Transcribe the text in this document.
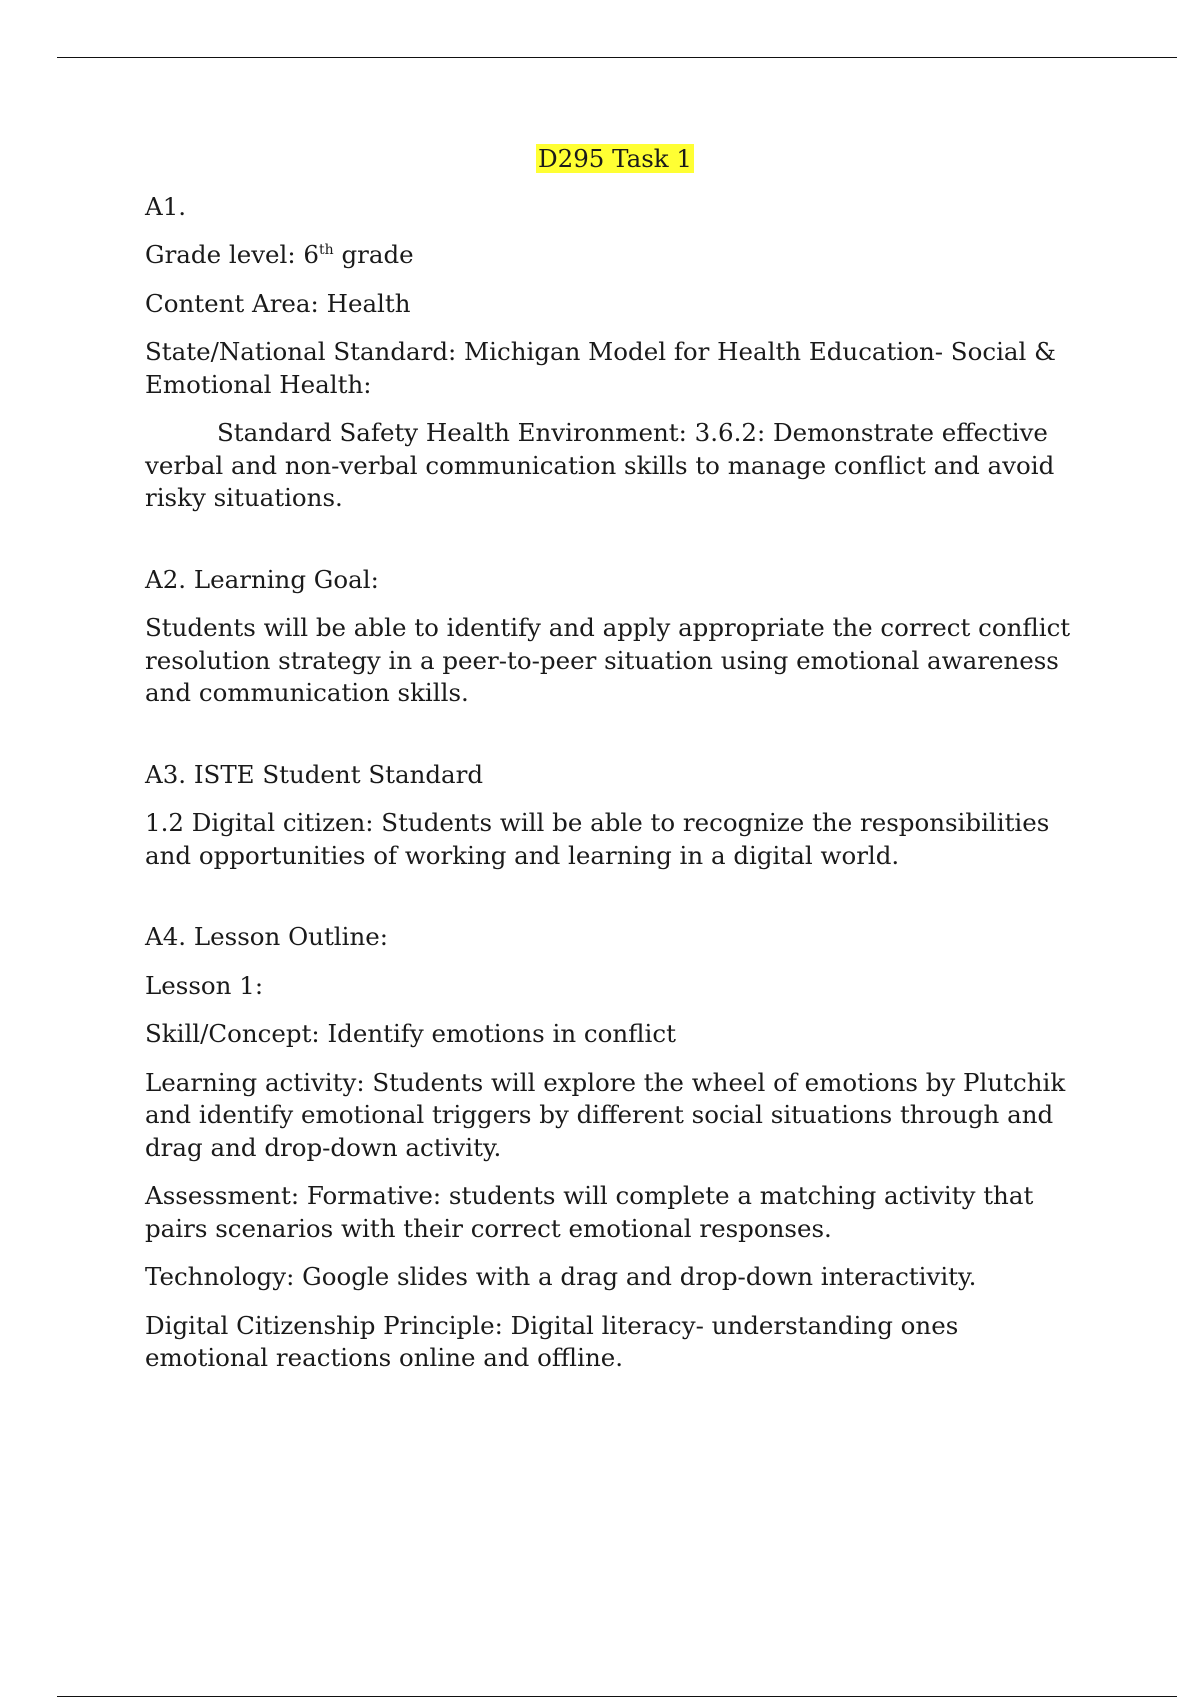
D295 Task 1

A1.

Grade level: 6th grade

Content Area: Health

State/National Standard: Michigan Model for Health Education- Social & Emotional Health:

Standard Safety Health Environment: 3.6.2: Demonstrate effective verbal and non-verbal communication skills to manage conflict and avoid risky situations.

A2. Learning Goal:

Students will be able to identify and apply appropriate the correct conflict resolution strategy in a peer-to-peer situation using emotional awareness and communication skills.

A3. ISTE Student Standard

1.2 Digital citizen: Students will be able to recognize the responsibilities and opportunities of working and learning in a digital world.

A4. Lesson Outline:

Lesson 1:

Skill/Concept: Identify emotions in conflict

Learning activity: Students will explore the wheel of emotions by Plutchik and identify emotional triggers by different social situations through and drag and drop-down activity.

Assessment: Formative: students will complete a matching activity that pairs scenarios with their correct emotional responses.

Technology: Google slides with a drag and drop-down interactivity.

Digital Citizenship Principle: Digital literacy- understanding ones emotional reactions online and offline.
